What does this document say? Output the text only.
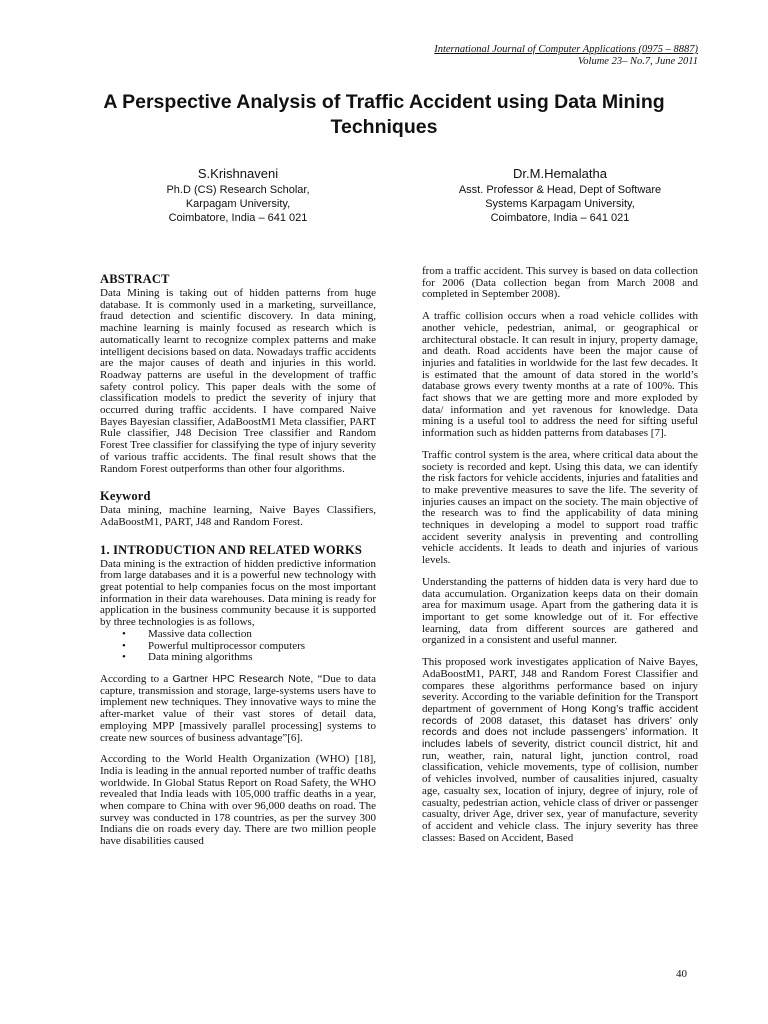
International Journal of Computer Applications (0975 – 8887)
Volume 23– No.7, June 2011
A Perspective Analysis of Traffic Accident using Data Mining Techniques
S.Krishnaveni
Ph.D (CS) Research Scholar,
Karpagam University,
Coimbatore, India – 641 021
Dr.M.Hemalatha
Asst. Professor & Head, Dept of Software
Systems Karpagam University,
Coimbatore, India – 641 021
ABSTRACT

Data Mining is taking out of hidden patterns from huge database. It is commonly used in a marketing, surveillance, fraud detection and scientific discovery. In data mining, machine learning is mainly focused as research which is automatically learnt to recognize complex patterns and make intelligent decisions based on data. Nowadays traffic accidents are the major causes of death and injuries in this world. Roadway patterns are useful in the development of traffic safety control policy. This paper deals with the some of classification models to predict the severity of injury that occurred during traffic accidents. I have compared Naive Bayes Bayesian classifier, AdaBoostM1 Meta classifier, PART Rule classifier, J48 Decision Tree classifier and Random Forest Tree classifier for classifying the type of injury severity of various traffic accidents. The final result shows that the Random Forest outperforms than other four algorithms.

Keyword

Data mining, machine learning, Naive Bayes Classifiers, AdaBoostM1, PART, J48 and Random Forest.

1. INTRODUCTION AND RELATED WORKS

Data mining is the extraction of hidden predictive information from large databases and it is a powerful new technology with great potential to help companies focus on the most important information in their data warehouses. Data mining is ready for application in the business community because it is supported by three technologies is as follows,

• Massive data collection
• Powerful multiprocessor computers
• Data mining algorithms

According to a Gartner HPC Research Note, “Due to data capture, transmission and storage, large-systems users have to implement new techniques. They innovative ways to mine the after-market value of their vast stores of detail data, employing MPP [massively parallel processing] systems to create new sources of business advantage”[6].

According to the World Health Organization (WHO) [18], India is leading in the annual reported number of traffic deaths worldwide. In Global Status Report on Road Safety, the WHO revealed that India leads with 105,000 traffic deaths in a year, when compare to China with over 96,000 deaths on road. The survey was conducted in 178 countries, as per the survey 300 Indians die on roads every day. There are two million people have disabilities caused

from a traffic accident. This survey is based on data collection for 2006 (Data collection began from March 2008 and completed in September 2008).

A traffic collision occurs when a road vehicle collides with another vehicle, pedestrian, animal, or geographical or architectural obstacle. It can result in injury, property damage, and death. Road accidents have been the major cause of injuries and fatalities in worldwide for the last few decades. It is estimated that the amount of data stored in the world’s database grows every twenty months at a rate of 100%. This fact shows that we are getting more and more exploded by data/ information and yet ravenous for knowledge. Data mining is a useful tool to address the need for sifting useful information such as hidden patterns from databases [7].

Traffic control system is the area, where critical data about the society is recorded and kept. Using this data, we can identify the risk factors for vehicle accidents, injuries and fatalities and to make preventive measures to save the life. The severity of injuries causes an impact on the society. The main objective of the research was to find the applicability of data mining techniques in developing a model to support road traffic accident severity analysis in preventing and controlling vehicle accidents. It leads to death and injuries of various levels.

Understanding the patterns of hidden data is very hard due to data accumulation. Organization keeps data on their domain area for maximum usage. Apart from the gathering data it is important to get some knowledge out of it. For effective learning, data from different sources are gathered and organized in a consistent and useful manner.

This proposed work investigates application of Naive Bayes, AdaBoostM1, PART, J48 and Random Forest Classifier and compares these algorithms performance based on injury severity. According to the variable definition for the Transport department of government of Hong Kong’s traffic accident records of 2008 dataset, this dataset has drivers’ only records and does not include passengers’ information. It includes labels of severity, district council district, hit and run, weather, rain, natural light, junction control, road classification, vehicle movements, type of collision, number of vehicles involved, number of causalities injured, casualty age, casualty sex, location of injury, degree of injury, role of casualty, pedestrian action, vehicle class of driver or passenger casualty, driver Age, driver sex, year of manufacture, severity of accident and vehicle class. The injury severity has three classes: Based on Accident, Based

40
